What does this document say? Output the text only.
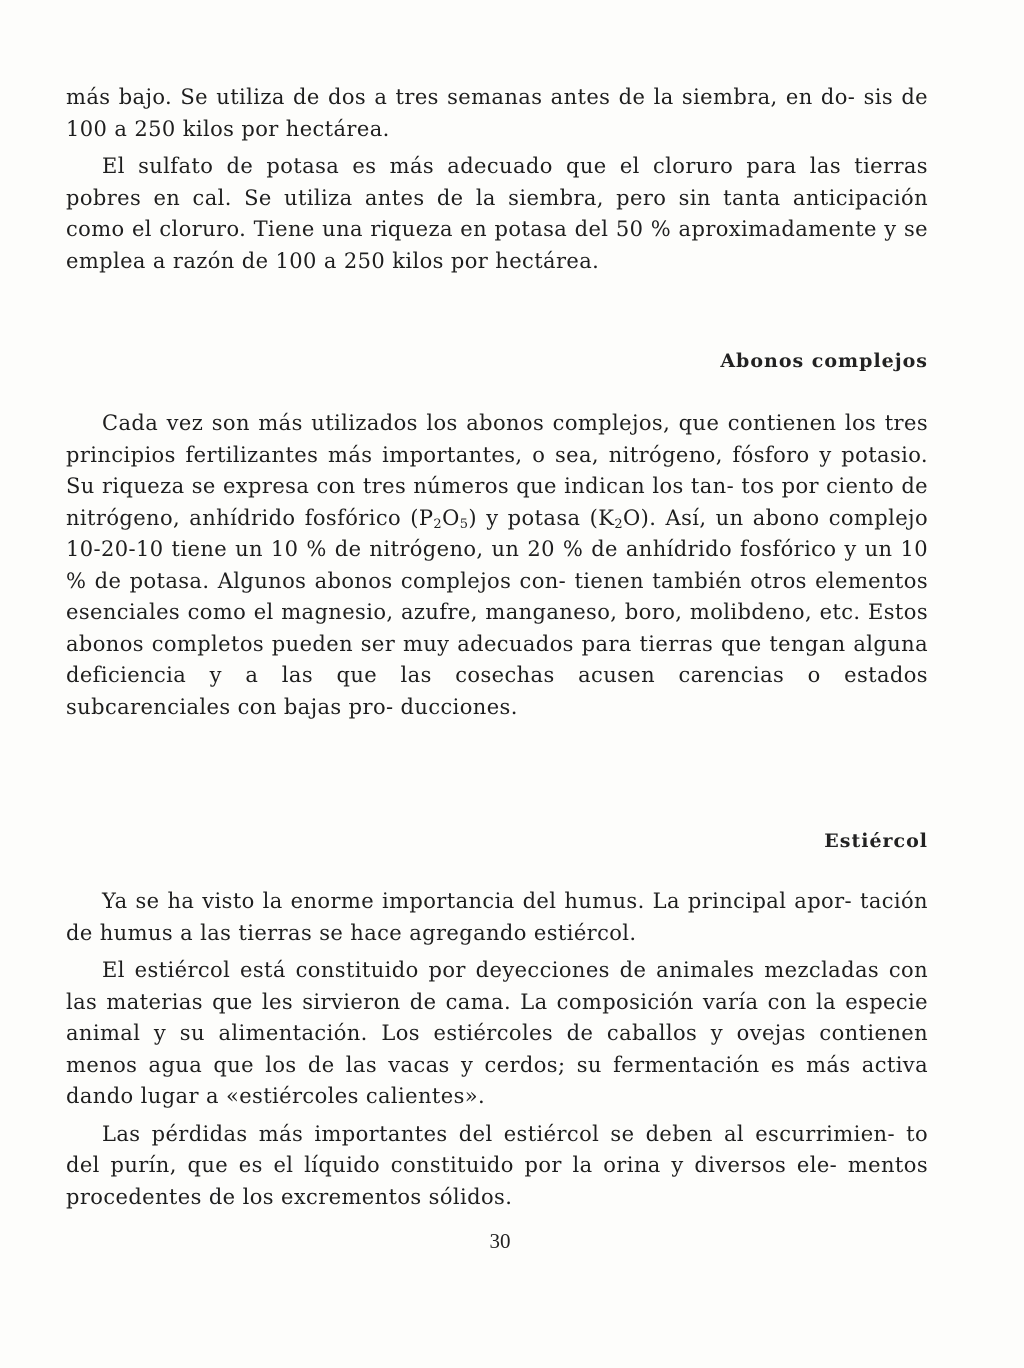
más bajo. Se utiliza de dos a tres semanas antes de la siembra, en do- sis de 100 a 250 kilos por hectárea.

El sulfato de potasa es más adecuado que el cloruro para las tierras pobres en cal. Se utiliza antes de la siembra, pero sin tanta anticipación como el cloruro. Tiene una riqueza en potasa del 50 % aproximadamente y se emplea a razón de 100 a 250 kilos por hectárea.

Abonos complejos

Cada vez son más utilizados los abonos complejos, que contienen los tres principios fertilizantes más importantes, o sea, nitrógeno, fósforo y potasio. Su riqueza se expresa con tres números que indican los tan- tos por ciento de nitrógeno, anhídrido fosfórico $(P_2O_5)$ y potasa $(K_2O)$. Así, un abono complejo 10-20-10 tiene un 10 % de nitrógeno, un 20 % de anhídrido fosfórico y un 10 % de potasa. Algunos abonos complejos con- tienen también otros elementos esenciales como el magnesio, azufre, manganeso, boro, molibdeno, etc. Estos abonos completos pueden ser muy adecuados para tierras que tengan alguna deficiencia y a las que las cosechas acusen carencias o estados subcarenciales con bajas pro- ducciones.

Estiércol

Ya se ha visto la enorme importancia del humus. La principal apor- tación de humus a las tierras se hace agregando estiércol.

El estiércol está constituido por deyecciones de animales mezcladas con las materias que les sirvieron de cama. La composición varía con la especie animal y su alimentación. Los estiércoles de caballos y ovejas contienen menos agua que los de las vacas y cerdos; su fermentación es más activa dando lugar a «estiércoles calientes».

Las pérdidas más importantes del estiércol se deben al escurrimien- to del purín, que es el líquido constituido por la orina y diversos ele- mentos procedentes de los excrementos sólidos.

30
